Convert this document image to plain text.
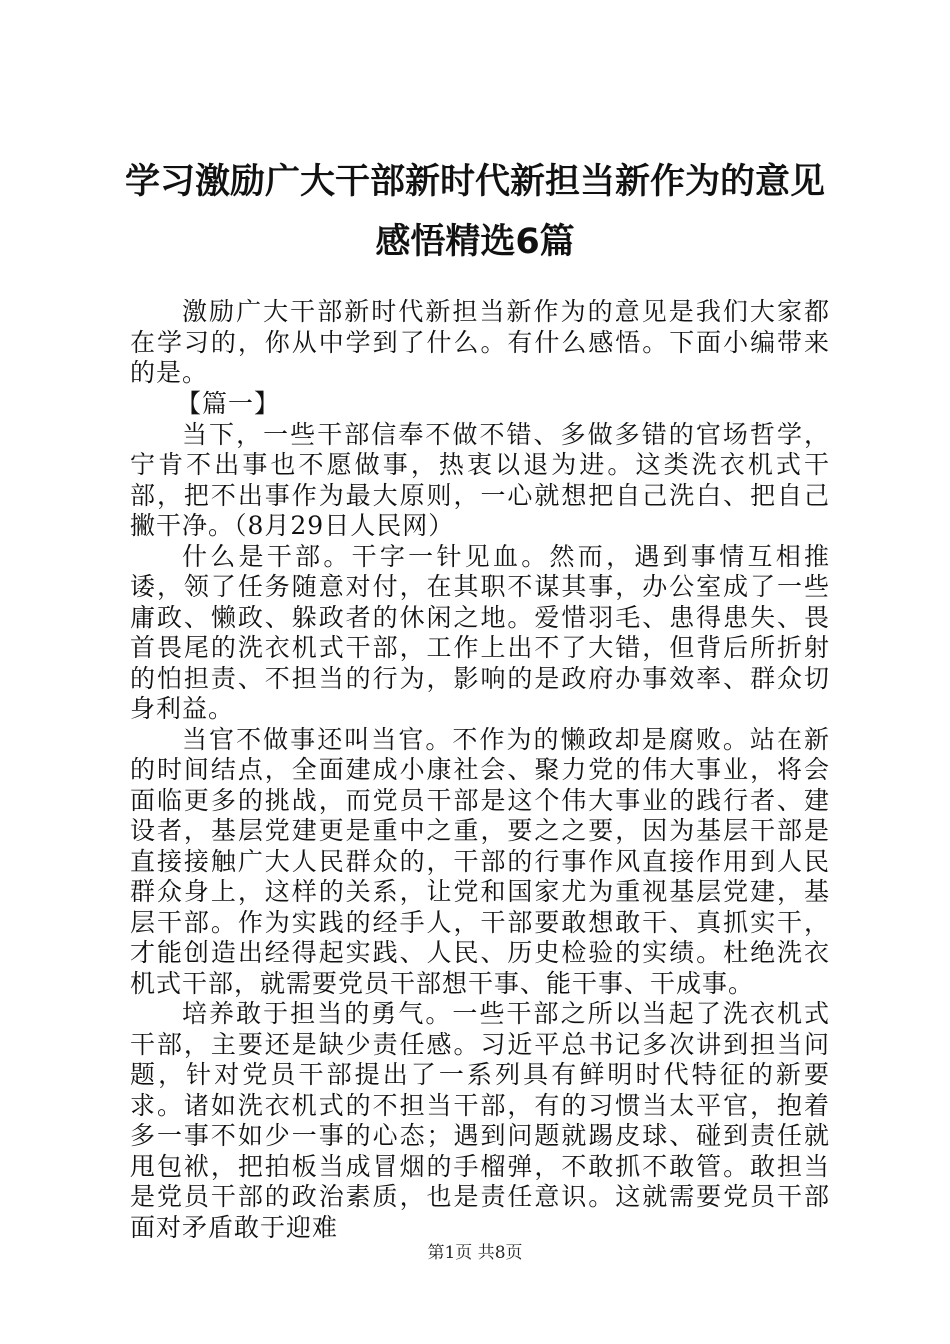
学习激励广大干部新时代新担当新作为的意见
感悟精选6篇

激励广大干部新时代新担当新作为的意见是我们大家都在学习的，你从中学到了什么。有什么感悟。下面小编带来的是。

【篇一】

当下，一些干部信奉不做不错、多做多错的官场哲学，宁肯不出事也不愿做事，热衷以退为进。这类洗衣机式干部，把不出事作为最大原则，一心就想把自己洗白、把自己撇干净。（8月29日人民网）

什么是干部。干字一针见血。然而，遇到事情互相推诿，领了任务随意对付，在其职不谋其事，办公室成了一些庸政、懒政、躲政者的休闲之地。爱惜羽毛、患得患失、畏首畏尾的洗衣机式干部，工作上出不了大错，但背后所折射的怕担责、不担当的行为，影响的是政府办事效率、群众切身利益。

当官不做事还叫当官。不作为的懒政却是腐败。站在新的时间结点，全面建成小康社会、聚力党的伟大事业，将会面临更多的挑战，而党员干部是这个伟大事业的践行者、建设者，基层党建更是重中之重，要之之要，因为基层干部是直接接触广大人民群众的，干部的行事作风直接作用到人民群众身上，这样的关系，让党和国家尤为重视基层党建，基层干部。作为实践的经手人，干部要敢想敢干、真抓实干，才能创造出经得起实践、人民、历史检验的实绩。杜绝洗衣机式干部，就需要党员干部想干事、能干事、干成事。

培养敢于担当的勇气。一些干部之所以当起了洗衣机式干部，主要还是缺少责任感。习近平总书记多次讲到担当问题，针对党员干部提出了一系列具有鲜明时代特征的新要求。诸如洗衣机式的不担当干部，有的习惯当太平官，抱着多一事不如少一事的心态；遇到问题就踢皮球、碰到责任就甩包袱，把拍板当成冒烟的手榴弹，不敢抓不敢管。敢担当是党员干部的政治素质，也是责任意识。这就需要党员干部面对矛盾敢于迎难

第1页 共8页
